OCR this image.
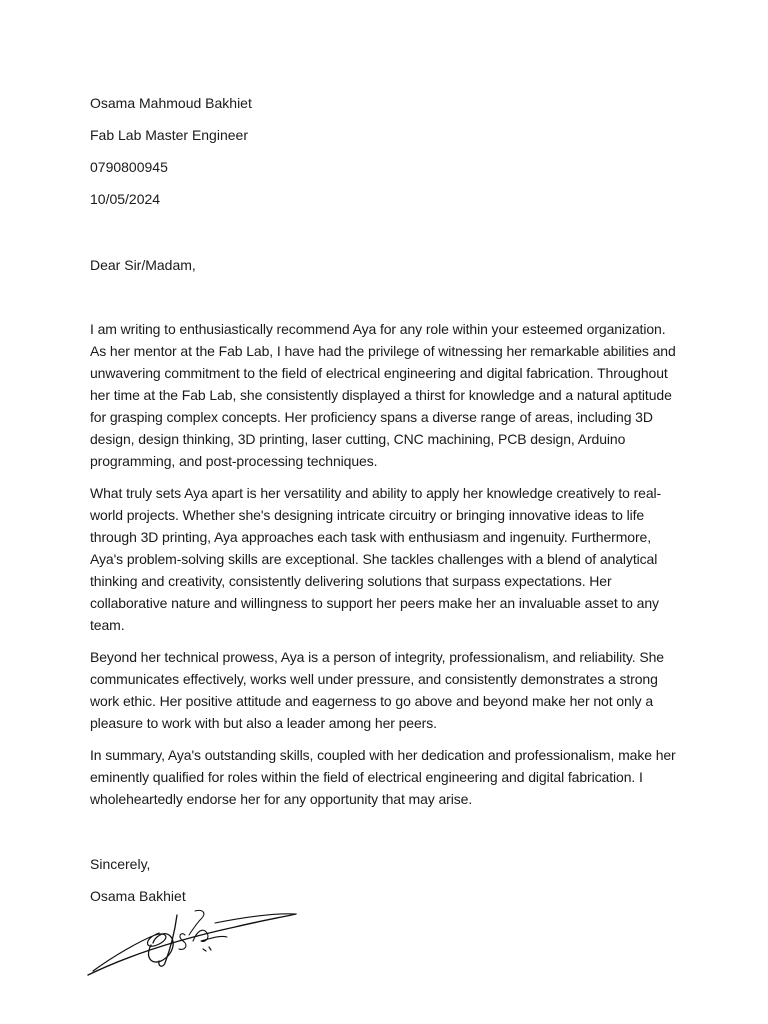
Osama Mahmoud Bakhiet

Fab Lab Master Engineer

0790800945

10/05/2024

Dear Sir/Madam,

I am writing to enthusiastically recommend Aya for any role within your esteemed organization. As her mentor at the Fab Lab, I have had the privilege of witnessing her remarkable abilities and unwavering commitment to the field of electrical engineering and digital fabrication. Throughout her time at the Fab Lab, she consistently displayed a thirst for knowledge and a natural aptitude for grasping complex concepts. Her proficiency spans a diverse range of areas, including 3D design, design thinking, 3D printing, laser cutting, CNC machining, PCB design, Arduino programming, and post-processing techniques.

What truly sets Aya apart is her versatility and ability to apply her knowledge creatively to real-world projects. Whether she's designing intricate circuitry or bringing innovative ideas to life through 3D printing, Aya approaches each task with enthusiasm and ingenuity. Furthermore, Aya's problem-solving skills are exceptional. She tackles challenges with a blend of analytical thinking and creativity, consistently delivering solutions that surpass expectations. Her collaborative nature and willingness to support her peers make her an invaluable asset to any team.

Beyond her technical prowess, Aya is a person of integrity, professionalism, and reliability. She communicates effectively, works well under pressure, and consistently demonstrates a strong work ethic. Her positive attitude and eagerness to go above and beyond make her not only a pleasure to work with but also a leader among her peers.

In summary, Aya's outstanding skills, coupled with her dedication and professionalism, make her eminently qualified for roles within the field of electrical engineering and digital fabrication. I wholeheartedly endorse her for any opportunity that may arise.

Sincerely,

Osama Bakhiet
